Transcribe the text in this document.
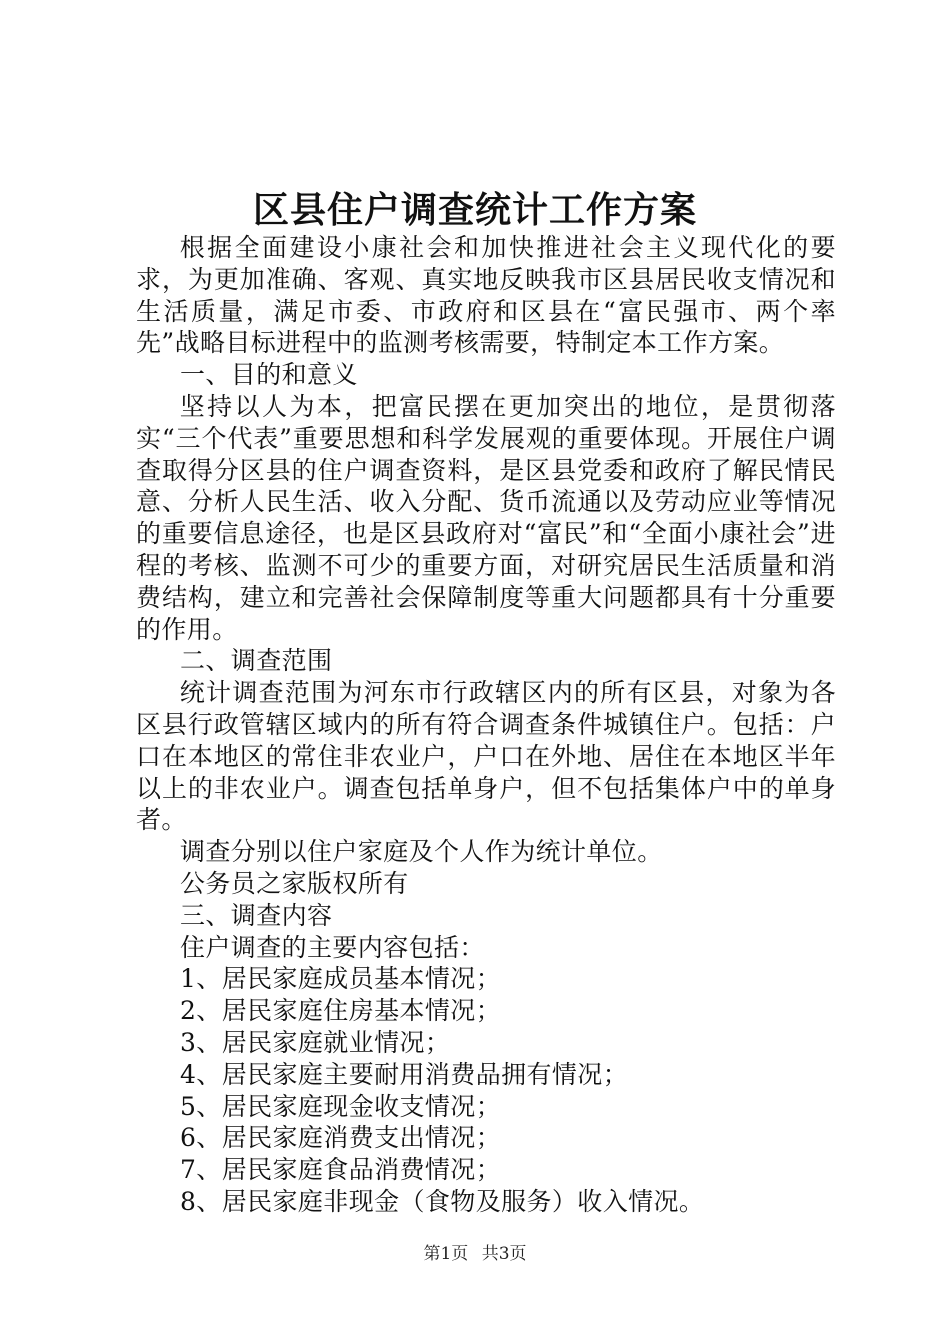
区县住户调查统计工作方案

根据全面建设小康社会和加快推进社会主义现代化的要求，为更加准确、客观、真实地反映我市区县居民收支情况和生活质量，满足市委、市政府和区县在“富民强市、两个率先”战略目标进程中的监测考核需要，特制定本工作方案。

一、目的和意义

坚持以人为本，把富民摆在更加突出的地位，是贯彻落实“三个代表”重要思想和科学发展观的重要体现。开展住户调查取得分区县的住户调查资料，是区县党委和政府了解民情民意、分析人民生活、收入分配、货币流通以及劳动应业等情况的重要信息途径，也是区县政府对“富民”和“全面小康社会”进程的考核、监测不可少的重要方面，对研究居民生活质量和消费结构，建立和完善社会保障制度等重大问题都具有十分重要的作用。

二、调查范围

统计调查范围为河东市行政辖区内的所有区县，对象为各区县行政管辖区域内的所有符合调查条件城镇住户。包括：户口在本地区的常住非农业户，户口在外地、居住在本地区半年以上的非农业户。调查包括单身户，但不包括集体户中的单身者。

调查分别以住户家庭及个人作为统计单位。

公务员之家版权所有

三、调查内容

住户调查的主要内容包括：

1、居民家庭成员基本情况；

2、居民家庭住房基本情况；

3、居民家庭就业情况；

4、居民家庭主要耐用消费品拥有情况；

5、居民家庭现金收支情况；

6、居民家庭消费支出情况；

7、居民家庭食品消费情况；

8、居民家庭非现金（食物及服务）收入情况。

第1页 共3页
